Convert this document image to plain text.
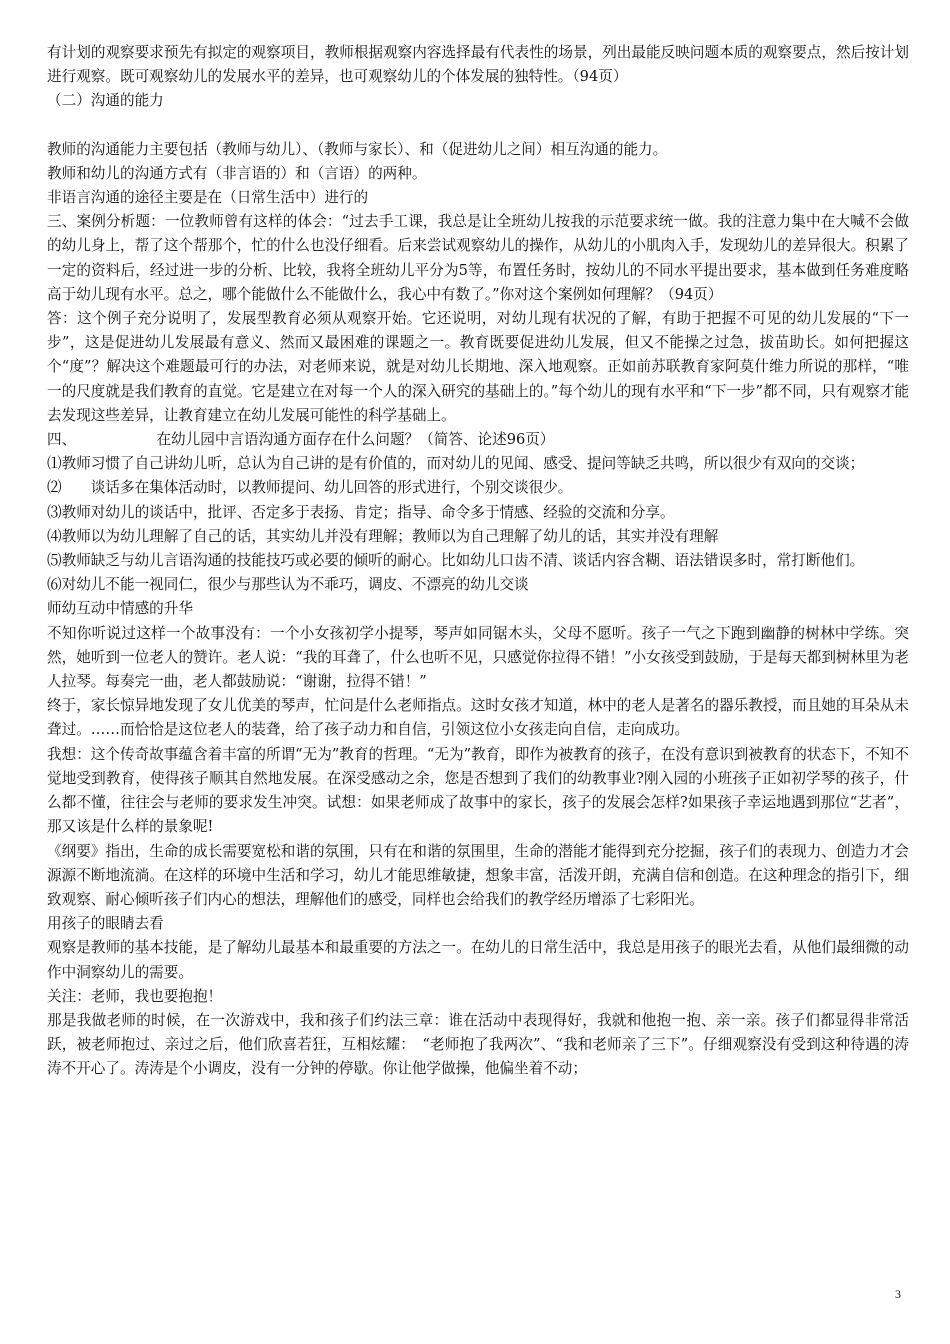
有计划的观察要求预先有拟定的观察项目，教师根据观察内容选择最有代表性的场景，列出最能反映问题本质的观察要点，然后按计划进行观察。既可观察幼儿的发展水平的差异，也可观察幼儿的个体发展的独特性。（94页）

（二）沟通的能力

教师的沟通能力主要包括（教师与幼儿）、（教师与家长）、和（促进幼儿之间）相互沟通的能力。

教师和幼儿的沟通方式有（非言语的）和（言语）的两种。

非语言沟通的途径主要是在（日常生活中）进行的

三、案例分析题：一位教师曾有这样的体会：“过去手工课，我总是让全班幼儿按我的示范要求统一做。我的注意力集中在大喊不会做的幼儿身上，帮了这个帮那个，忙的什么也没仔细看。后来尝试观察幼儿的操作，从幼儿的小肌肉入手，发现幼儿的差异很大。积累了一定的资料后，经过进一步的分析、比较，我将全班幼儿平分为5等，布置任务时，按幼儿的不同水平提出要求，基本做到任务难度略高于幼儿现有水平。总之，哪个能做什么不能做什么，我心中有数了。”你对这个案例如何理解？（94页）

答：这个例子充分说明了，发展型教育必须从观察开始。它还说明，对幼儿现有状况的了解，有助于把握不可见的幼儿发展的“下一步”，这是促进幼儿发展最有意义、然而又最困难的课题之一。教育既要促进幼儿发展，但又不能操之过急，拔苗助长。如何把握这个“度”？解决这个难题最可行的办法，对老师来说，就是对幼儿长期地、深入地观察。正如前苏联教育家阿莫什维力所说的那样，“唯一的尺度就是我们教育的直觉。它是建立在对每一个人的深入研究的基础上的。”每个幼儿的现有水平和“下一步”都不同，只有观察才能去发现这些差异，让教育建立在幼儿发展可能性的科学基础上。

四、　　　　　　在幼儿园中言语沟通方面存在什么问题？（简答、论述96页）

⑴教师习惯了自己讲幼儿听，总认为自己讲的是有价值的，而对幼儿的见闻、感受、提问等缺乏共鸣，所以很少有双向的交谈；

⑵　　谈话多在集体活动时，以教师提问、幼儿回答的形式进行，个别交谈很少。

⑶教师对幼儿的谈话中，批评、否定多于表扬、肯定；指导、命令多于情感、经验的交流和分享。

⑷教师以为幼儿理解了自己的话，其实幼儿并没有理解；教师以为自己理解了幼儿的话，其实并没有理解

⑸教师缺乏与幼儿言语沟通的技能技巧或必要的倾听的耐心。比如幼儿口齿不清、谈话内容含糊、语法错误多时，常打断他们。

⑹对幼儿不能一视同仁，很少与那些认为不乖巧，调皮、不漂亮的幼儿交谈

师幼互动中情感的升华

不知你听说过这样一个故事没有：一个小女孩初学小提琴，琴声如同锯木头，父母不愿听。孩子一气之下跑到幽静的树林中学练。突然，她听到一位老人的赞许。老人说：“我的耳聋了，什么也听不见，只感觉你拉得不错！”小女孩受到鼓励，于是每天都到树林里为老人拉琴。每奏完一曲，老人都鼓励说：“谢谢，拉得不错！”

终于，家长惊异地发现了女儿优美的琴声，忙问是什么老师指点。这时女孩才知道，林中的老人是著名的器乐教授，而且她的耳朵从未聋过。……而恰恰是这位老人的装聋，给了孩子动力和自信，引领这位小女孩走向自信，走向成功。

我想：这个传奇故事蕴含着丰富的所谓“无为”教育的哲理。“无为”教育，即作为被教育的孩子，在没有意识到被教育的状态下，不知不觉地受到教育，使得孩子顺其自然地发展。在深受感动之余，您是否想到了我们的幼教事业?刚入园的小班孩子正如初学琴的孩子，什么都不懂，往往会与老师的要求发生冲突。试想：如果老师成了故事中的家长，孩子的发展会怎样?如果孩子幸运地遇到那位“艺者”，那又该是什么样的景象呢!

《纲要》指出，生命的成长需要宽松和谐的氛围，只有在和谐的氛围里，生命的潜能才能得到充分挖掘，孩子们的表现力、创造力才会源源不断地流淌。在这样的环境中生活和学习，幼儿才能思维敏捷，想象丰富，活泼开朗，充满自信和创造。在这种理念的指引下，细致观察、耐心倾听孩子们内心的想法，理解他们的感受，同样也会给我们的教学经历增添了七彩阳光。

用孩子的眼睛去看

观察是教师的基本技能，是了解幼儿最基本和最重要的方法之一。在幼儿的日常生活中，我总是用孩子的眼光去看，从他们最细微的动作中洞察幼儿的需要。

关注：老师，我也要抱抱！

那是我做老师的时候，在一次游戏中，我和孩子们约法三章：谁在活动中表现得好，我就和他抱一抱、亲一亲。孩子们都显得非常活跃，被老师抱过、亲过之后，他们欣喜若狂，互相炫耀：　“老师抱了我两次”、“我和老师亲了三下”。仔细观察没有受到这种待遇的涛涛不开心了。涛涛是个小调皮，没有一分钟的停歇。你让他学做操，他偏坐着不动；

3
